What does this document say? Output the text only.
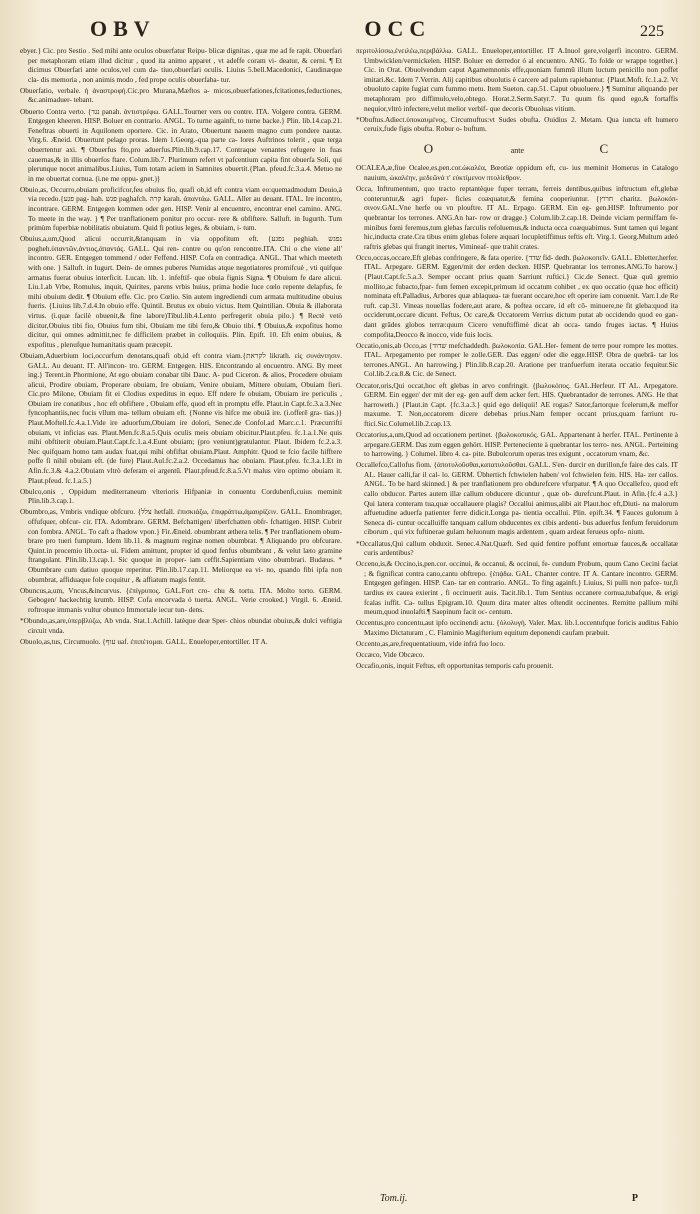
OBV	OCC	225

ebyer.} Cic. pro Sestio . Sed mihi ante oculos obuerfatur Reipu- blicæ dignitas , quæ me ad fe rapit. Obuerfari per metaphoram etiam illud dicitur , quod ita animo apparet , vt adeffe coram vi- deatur, & cerni. ¶ Et dicimus Obuerfari ante oculos,vel cum da- tiuo,obuerfari oculis. Liuius 5.bell.Macedonici, Caudinæque cla- dis memoria , non animis modo , fed prope oculis obuerfaba- tur.

Obuerfatio, verbale. ἡ ἀναστροφή.Cic.pro Murana,Mæftos a- micos,obuerfationes,fcitationes,feductiones, &c.animaduer- tebant.

Obuerto Contra verto. {נגד panah. ἀντιστρέφω. GALL.Tourner vers ou contre. ITA. Volgere contra. GERM. Entgegen kheeren. HISP. Boluer en contrario. ANGL. To turne againft, to turne backe.} Plin. lib.14.cap.21. Feneftras obuerti in Aquilonem oportere. Cic. in Arato, Obuertunt nauem magno cum pondere nautæ. Virg.6. Æneid. Obuertunt pelago proras. Idem 1.Georg.-qua parte ca- lores Auftrinos tolerit , quæ terga obuertentur axi. ¶ Obuerfus fto,pro aduerfus.Plin.lib.9.cap.17. Contraque venantes refugere in fuas cauernas,& in illis obuerfos ftare. Colum.lib.7. Plurimum refert vt pafcentium capita fint obuerfa Soli, qui plerunque nocet animalibus.Liuius, Tum totam aciem in Samnites obuertit.{Plan. pfeud.fc.3.a.4. Metuo ne in me obuertat cornua. (i.ne me oppu- gnet.)}

Obuio,as, Occurro,obuiam proficifcor,feu obuius fio, quafi ob,id eft contra viam eo:quemadmodum Deuio,à via recedo.{פגע pag- hah. פגש paghafch. קרה karah. ἀπαντάω. GALL. Aller au deuant. ITAL. Ire incontro, incontrare. GERM. Entgegen kommen oder gen. HISP. Venir al encuentro, encontrar enel camino. ANG. To meete in the way. } ¶ Per tranflationem ponitur pro occur- rere & obfiftere. Salluft. in Iugurth. Tum primùm fuperbiæ nobilitatis obuiatum. Quid fi potius leges, & obuiam, i- tum.

Obuius,a,um,Quod alicui occurrit,&tanquam in via oppofitum eft. {נפגע peghiah. נפגש pogheh.ὑπαντῶν,ἀντιος,ἀπαντάς. GALL. Qui ren- contre ou qu'on rencontre.ITA. Chi o che viene all' incontro. GER. Entgegen tommend / oder Feffend. HISP. Cofa en contradiça. ANGL. That which meeteth with one. } Salluft. in Iugurt. Dein- de omnes puberes Numidas atque negotiatores promifcuè , vti quifque armatus fuerat obuius interficit. Lucan. lib. 1. infeftif- que obuia fignis Signa. ¶ Obuium fe dare alicui. Liu.1.ab Vrbe, Romulus, inquit, Quirites, parens vrbis huius, prima hodie luce cœlo repente delapfus, fe mihi obuium dedit. ¶ Obuium effe. Cic. pro Cœlio. Sin autem ingrediendi cum armata multitudine obuius fueris. {Liuius lib.7.d.4.In obuio effe. Quintil. Brutus ex obuio victus. Item Quintilian. Obuia & illaborata virtus. (i.quæ facilè obuenit,& fine labore)Tibul.lib.4.Lento perfregerit obuia pilo.} ¶ Rectè vetò dicitur,Obuius tibi fio, Obuius fum tibi, Obuiam me tibi fero,& Obuio tibi. ¶ Obuius,& expofitus homo dicitur, qui omnes admittit,nec fe difficilem præbet in colloquiis. Plin. Epift. 10. Eft enim obuius, & expofitus , plenufque humanitatis quam præcepit.

Obuiam,Aduerbium loci,occurfum denotans,quafi ob,id eft contra viam.{לקראת likrath. εἰς συνάντησιν. GALL. Au deuant. IT. All'incon- tro. GERM. Entgegen. HIS. Encontrando al encuentro. ANG. By meet ing.} Terent.in Phormione, At ego obuiam conabar tibi Dauc. A- pud Ciceron. & alios, Procedere obuiam alicui, Prodire obuiam, Properare obuiam, Ire obuiam, Venire obuiam, Mittere obuiam, Obuiam fieri. Cic.pro Milone, Obuiam fit ei Clodius expeditus in equo. Eff ndere fe obuiam, Obuiam ire periculis , Obuiam ire conatibus , hoc eft obfiftere , Obuiam effe, quod eft in promptu effe. Plaut.in Capt.fc.3.a.3.Nec fyncophantiis,nec fucis vllum ma- tellum obuiam eft. {Nonne vis hifce me obuiā ire. (i.offerē gra- tias.)} Plaut.Moftell.fc.4.a.1.Vide ire aduorfum,Obuiam ire dolori, Senec.de Confol.ad Marc.c.1. Præcurrifti obuiam, vt inficias eas. Plaut.Men.fc.8.a.5.Quis oculis meis obuiam obicitur.Plaut.pfeu. fc.1.a.1.Ne quis mihi obftiterit obuiam.Plaut.Capt.fc.1.a.4.Eunt obuiam; (pro veniunt)gratulantur. Plaut. Ibidem fc.2.a.3. Nec quifquam homo tam audax fuat,qui mihi obfiftat obuiam.Plaut. Amphitr. Quod te fcio facile hifftere poffe fi nihil obuiam eft. (de fure) Plaut.Aul.fc.2.a.2. Occedamus hac obuiam. Plaut.pfeu. fc.3.a.1.Et in Afin.fc.3.& 4.a.2.Obuiam vltrò deferam ei argentū. Plaut.pfeud.fc.8.a.5.Vt malus viro optimo obuiam it. Plaut.pfeud. fc.1.a.5.}

Obulco,onis , Oppidum mediterraneum vlterioris Hifpaniæ in conuentu Cordubenfi,cuius meminit Plin.lib.3.cap.1.

Obumbro,as, Vmbris vndique obfcuro. {צלל hetfall. ἐπισκιάζω, ἐπιφράττω,ἀμαυρίζειν. GALL. Enombrager, offufquer, obfcur- cir. ITA. Adombrare. GERM. Befchattigen/ überfchatten obfr- fchattigen. HISP. Cubrir con fombra. ANGL. To caft a fhadow vpon.} Fir.Æneid. obumbrant æthera telis. ¶ Per tranflationem obum- brare pro tueri fumptum. Idem lib.11. & magnum reginæ nomen obumbrat. ¶ Aliquando pro obfcurare. Quint.in procemio lib.octa- ui. Fidem amittunt, propter id quod fenfus obumbrant , & velut læto gramine ftrangulant. Plin.lib.13.cap.1. Sic quoque in proper- iam ceffit.Sapientiam vino obumbrari. Budæus. * Obumbrare cum datiuo quoque reperitur. Plin.lib.17.cap.11. Meliorque ea vi- no, quando fibi ipfa non obumbrat, affiduaque fole coquitur , & affiatum magis fentit.

Obuncus,a,um, Vncus,&incurvus. {ἐπίγρυπος. GAL.Fort cro- chu & tortu. ITA. Molto torto. GERM. Gebogen/ hackechtig krumb. HISP. Cofa encorvada ó tuerta. ANGL. Verie crooked.} Virgil. 6. Æneid. roftroque immanis vultur obunco Immortale iecur tun- dens.

*Obundo,as,are,ὑπερβλύζω, Ab vnda. Stat.1.Achill. latèque deæ Sper- chios obundat obuius,& dulci veftigia circuit vnda.

Obuolo,as,tus, Circumuolo. {עוף uaf. ἐπιπέτομαι. GALL. Enueloper,entortiller. IT A.

περιτυλίσσω,ἐνειλέω,περιβάλλω. GALL. Enueloper,entortiller. IT A.Inuol gere,volgerfi incontro. GERM. Umbwicklen/vermickelen. HISP. Boluer en derredor ó al encuentro. ANG. To folde or wrappe together.} Cic. in Orat. Obuolvendum caput Agamemnonis effe,quoniam fummū illum luctum penicillo non poffet imitari.&c. Idem 7.Verrin. Alij capitibus obuolutis è carcere ad palum rapiebantur. {Plaut.Moft. fc.1.a.2. Vt obuoluto capite fugiat cum fummo metu. Item Sueton. cap.51. Caput obuoluere.} ¶ Sumitur aliquando per metaphoram pro diffimulo,velo,obtego. Horat.2.Serm.Satyr.7. Tu quum fis quod ego,& fortaffis nequior,vltrò infectere,velut melior verbif- que decoris Obuoluas vitium.

*Obuftus.Adiect.ὑποκαυμένος, Circumuftus:vt Sudes obufta. Ouidius 2. Metam. Qua iuncta eft humero ceruix,fude figis obufta. Robur o- buftum.

O	ante	C

OCALEA,æ,fiue Ocalee,es,pen.cor.ὠκαλέα, Bœotiæ oppidum eft, cu- ius meminit Homerus in Catalogo nauium, ὠκαλέην, μεδεῶνά τ' εὐκτίμενον πτολίεθρον.

Occa, Inftrumentum, quo tracto reptantèque fuper terram, ferreis dentibus,quibus inftructum eft,glebæ conteruntur,& agri fuper- ficies coæquatur,& femina cooperiuntur. {חרוץ charitz. βωλοκόπ- σινον.GAL.Vne herfe ou vn plouftre. IT AL. Erpago. GERM. Ein eg- gen.HISP. Inftrumento por quebrantar los terrones. ANG.An har- row or dragge.} Colum.lib.2.cap.18. Deinde viciam permiffam fe- minibus fœni feremus,tum glebas farculis refoluemus,& inducta occa coæquabimus. Sunt tamen qui legant hic,inducta crate.Cra tibus enim glebas folere æquari locupletiffimus teftis eft. Virg.1. Georg.Multum adeó raftris glebas qui frangit inertes, Vimineaf- que trahit crates.

Occo,occas,occare,Eft glebas confringere, & fata operire. {שדד fid- dedh. βωλοκοπεῖν. GALL. Ebletter,herfer. ITAL. Arpegare. GERM. Eggen/mit der erden decken. HISP. Quebrantar los terrones.ANG.To harow.} {Plaut.Capt.fc.5.a.3. Semper occant prius quam Sarriunt ruftici.} Cic.de Senect. Quæ quū gremio mollito,ac fubacto,fpar- fum femen excepit,primum id occatum cohibet , ex quo occatio (quæ hoc efficit) nominata eft.Palladius, Arbores quæ ablaquea- tæ fuerant occare,hoc eft operire iam conuenit. Varr.1.de Re ruft. cap.31. Vineas nouellas fodere,aut arare, & poftea occare, id eft cō- minuere,ne fit gleba:quod ita occiderunt,occare dicunt. Feftus, Oc care,& Occatorem Verrius dictum putat ab occidendo quod eo gan- dant grādes globos terræ:quum Cicero venuftiffimè dicat ab occa- tando fruges iactas. ¶ Huius compofita,Deocco & inocco, vide fuis locis.

Occatio,onis,ab Occo,as {שדוד mefchaddedh. βωλοκοπία. GAL.Her- fement de terre pour rompre les mottes. ITAL. Arpegamento per romper le zolle.GER. Das eggen/ oder die egge.HISP. Obra de quebrā- tar los terrones.ANGL. An harrowing.} Plin.lib.8.cap.20. Aratione per tranfuerfum iterata occatio fequitur.Sic Col.lib.2.ca.8.& Cic. de Senect.

Occator,oris,Qui occat,hoc eft glebas in arvo confringit. {βωλοκόπος. GAL.Herfeur. IT AL. Arpegatore. GERM. Ein egger/ der mit der eg- gen auff dem acker fert. HIS. Quebrantador de terrones. ANG. He that harroweth.} {Plaut.in Capt. {fc.3.a.3.} quid ego deliquii! AE rogas? Sator,fartorque fcelerum,& meffor maxume. T. Non,occatorem dicere debebas prius.Nam femper occant prius,quam farriunt ru- ftici.Sic.Columel.lib.2.cap.13.

Occatorius,a,um,Quod ad occationem pertinet. {βωλοκοπικός. GAL. Appartenant à herfer. ITAL. Pertinente à arpegare.GERM. Das zum eggen gehört. HISP. Perteneciente à quebrantar los terro- nes. ANGL. Perteining to harrowing. } Columel. libro 4. ca- pite. Bubulcorum operas tres exigunt , occatorum vnam, &c.

Occallefco,Callofus fiom. {ἀποτυλοῦσθαι,κατατυλοῦσθαι. GALL. S'en- durcir en durillon,fe faire des cals. IT AL. Hauer calli,far il cal- lo. GERM. Übhertich fchwielen haben/ vol fchwielen fein. HIS. Ha- zer callos. ANGL. To be hard skinned.} & per tranflationem pro obdurefcere vfurpatur. ¶ A quo Occallefco, quod eft callo obducor. Partes autem illæ callum obducere dicuntur , quæ ob- durefcunt.Plaut. in Afin.{fc.4 a.3.} Qui latera conteram tua,quæ occallauere plagis? Occallui animus,alibi ait Plaut.hoc eft,Diuti- na malorum affuetudine aduerfa patienter ferre didicit.Longa pa- tientia occallui. Plin. epift.34. ¶ Fauces gulonum à Seneca di- cuntur occalluiffe tanquam callum obducentes ex cibis ardenti- bus aduerfus fenfum feruidorum ciborum , qui vix fuftinerae gulam heluonum magis ardentem , quam ardeat ferueus opfo- nium.

*Occallatus,Qui callum obduxit. Senec.4.Nat.Quæft. Sed quid fentire poffunt emortuæ fauces,& occallatæ curis ardentibus?

Occeno,is,& Occino,is,pen.cor. occinui, & occanui, & occinui, fe- cundum Probum, quum Cano Cecini faciat ; & fignificat contra cano,cantu obftrepo. {ἐπᾴδω. GAL. Chanter contre. IT A. Cantare incontro. GERM. Entgegen gefingen. HISP. Can- tar en contrario. ANGL. To fing againft.} Liuius, Si pulli non pafce- tur,fi tardius ex cauea exierint , fi occinuerit auis. Tacit.lib.1. Tum Sentius occanere cornua,tubafque, & erigi fcalas iuffit. Ca- tullus Epigram.10. Quum dira mater altes oftendit occinentes. Remitte pallium mihi meum,quod inuolafti.¶ Saepinum facit oc- centum.

Occentus,pro concentu,aut ipfo occinendi actu. {ὀλολυγή. Valer. Max. lib.1.occentufque foricis auditus Fabio Maximo Dictaturam , C. Flaminio Magifterium equitum deponendi caufam præbuit.

Occento,as,are,frequentatiuum, vide infrà fuo loco.

Occæco, Vide Obcæco.

Occafio,onis, inquit Feftus, eft opportunitas temporis cafu prouenit.

Tom.ij.	P
